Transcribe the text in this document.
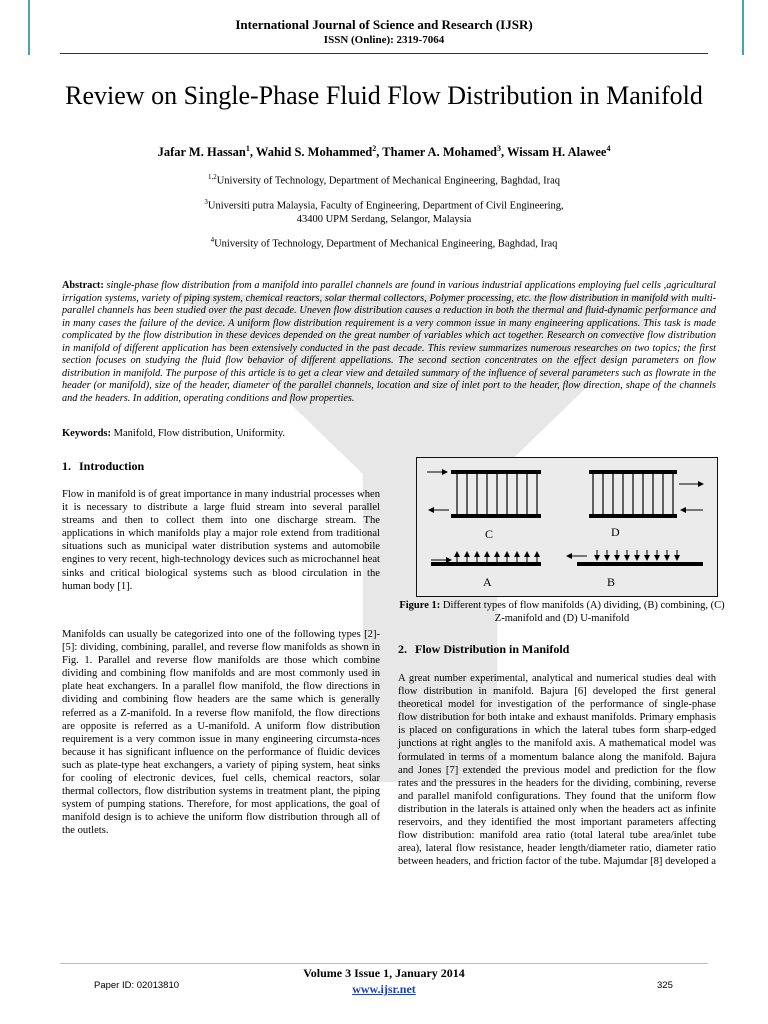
International Journal of Science and Research (IJSR)
ISSN (Online): 2319-7064
Review on Single-Phase Fluid Flow Distribution in Manifold
Jafar M. Hassan$^1$, Wahid S. Mohammed$^2$, Thamer A. Mohamed$^3$, Wissam H. Alawee$^4$
$^{1,2}$University of Technology, Department of Mechanical Engineering, Baghdad, Iraq
$^3$Universiti putra Malaysia, Faculty of Engineering, Department of Civil Engineering,
43400 UPM Serdang, Selangor, Malaysia
$^4$University of Technology, Department of Mechanical Engineering, Baghdad, Iraq

Abstract: single-phase flow distribution from a manifold into parallel channels are found in various industrial applications employing fuel cells ,agricultural irrigation systems, variety of piping system, chemical reactors, solar thermal collectors, Polymer processing, etc. the flow distribution in manifold with multi-parallel channels has been studied over the past decade. Uneven flow distribution causes a reduction in both the thermal and fluid-dynamic performance and in many cases the failure of the device. A uniform flow distribution requirement is a very common issue in many engineering applications. This task is made complicated by the flow distribution in these devices depended on the great number of variables which act together. Research on convective flow distribution in manifold of different application has been extensively conducted in the past decade. This review summarizes numerous researches on two topics; the first section focuses on studying the fluid flow behavior of different appellations. The second section concentrates on the effect design parameters on flow distribution in manifold. The purpose of this article is to get a clear view and detailed summary of the influence of several parameters such as flowrate in the header (or manifold), size of the header, diameter of the parallel channels, location and size of inlet port to the header, flow direction, shape of the channels and the headers. In addition, operating conditions and flow properties.

Keywords: Manifold, Flow distribution, Uniformity.
1. Introduction

Flow in manifold is of great importance in many industrial processes when it is necessary to distribute a large fluid stream into several parallel streams and then to collect them into one discharge stream. The applications in which manifolds play a major role extend from traditional situations such as municipal water distribution systems and automobile engines to very recent, high-technology devices such as microchannel heat sinks and critical biological systems such as blood circulation in the human body [1].

Manifolds can usually be categorized into one of the following types [2]-[5]: dividing, combining, parallel, and reverse flow manifolds as shown in Fig. 1. Parallel and reverse flow manifolds are those which combine dividing and combining flow manifolds and are most commonly used in plate heat exchangers. In a parallel flow manifold, the flow directions in dividing and combining flow headers are the same which is generally referred as a Z-manifold. In a reverse flow manifold, the flow directions are opposite is referred as a U-manifold. A uniform flow distribution requirement is a very common issue in many engineering circumsta-nces because it has significant influence on the performance of fluidic devices such as plate-type heat exchangers, a variety of piping system, heat sinks for cooling of electronic devices, fuel cells, chemical reactors, solar thermal collectors, flow distribution systems in treatment plant, the piping system of pumping stations. Therefore, for most applications, the goal of manifold design is to achieve the uniform flow distribution through all of the outlets.

C	D
A	B
Figure 1: Different types of flow manifolds (A) dividing, (B) combining, (C) Z-manifold and (D) U-manifold
2. Flow Distribution in Manifold

A great number experimental, analytical and numerical studies deal with flow distribution in manifold. Bajura [6] developed the first general theoretical model for investigation of the performance of single-phase flow distribution for both intake and exhaust manifolds. Primary emphasis is placed on configurations in which the lateral tubes form sharp-edged junctions at right angles to the manifold axis. A mathematical model was formulated in terms of a momentum balance along the manifold. Bajura and Jones [7] extended the previous model and prediction for the flow rates and the pressures in the headers for the dividing, combining, reverse and parallel manifold configurations. They found that the uniform flow distribution in the laterals is attained only when the headers act as infinite reservoirs, and they identified the most important parameters affecting flow distribution: manifold area ratio (total lateral tube area/inlet tube area), lateral flow resistance, header length/diameter ratio, diameter ratio between headers, and friction factor of the tube. Majumdar [8] developed a

Volume 3 Issue 1, January 2014
www.ijsr.net
Paper ID: 02013810	325
